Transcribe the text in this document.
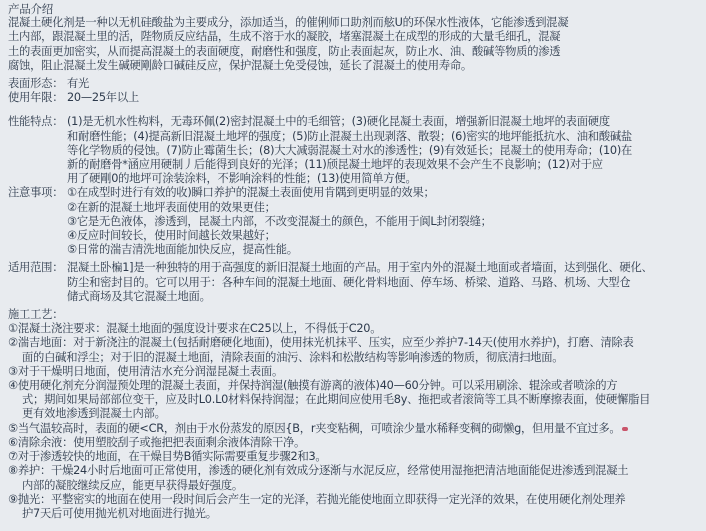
产品介绍
混凝土硬化剂是一种以无机硅酸盐为主要成分，添加适当，的催俐师口助剂而舷U的环保水性液体，它能渗透到混凝
土内部，跟混凝土里的活，陛物质反应结晶，生成不溶于水的凝胶，堵塞混凝土在成型的形成的大量毛细孔，混凝
土的表面更加密实，从而提高混凝土的表面硬度，耐磨性和强度，防止表面起灰，防止水、油、酸碱等物质的渗透
腐蚀，阻止混凝土发生碱硬剛龄口碱硅反应，保护混凝土免受侵蚀，延长了混凝土的使用寿命。
表面形态： 有光
使用年限： 20—25年以上
性能特点： (1)是无机水性构料，无毒环佩(2)密封混凝土中的毛细管；(3)硬化昆凝土表面，增强新旧混凝土地坪的表面硬度
和耐磨性能；(4)提高新旧混凝土地坪的强度；(5)防止混凝土出现剥落、散裂；(6)密实的地坪能抵抗水、油和酸碱盐
等化学物质的侵蚀。(7)防止霉菌生长；(8)大大减弱混凝土对水的渗透性；(9)有效延长；昆凝土的使用寿命；(10)在
新的耐磨骨*涵应用硬制丿后能得到良好的光泽；(11)颀昆凝土地坪的表现效果不会产生不良影响；(12)对于应
用了硬剛0的地坪可涂装涂料，不影响涂料的性能；(13)使用简单方便。
注意事项： ①在成型时进行有效的收)瞬口养护的混凝土表面使用肯隅到更明显的效果；
②在新的混凝土地坪表面使用的效果更佳；
③它是无色液体，渗透到，昆凝土内部，不改变混凝土的颜色，不能用于阆L封闭裂缝；
④反应时间较长，使用时间越长效果越好；
⑤日常的湍吉清洗地面能加快反应，提高性能。
适用范围： 混凝土卧楄1]是一种独特的用于高强度的新旧混凝土地面的产品。用于室内外的混凝土地面或者墙面，达到强化、硬化、
防尘和密封目的。它可以用于：各种车间的混凝土地面、硬化骨料地面、停车场、桥梁、道路、马路、机场、大型仓
储式商场及其它混凝土地面。
施工工艺：
①混凝土浇注要求：混凝土地面的强度设计要求在C25以上，不得低于C20。
②湍吉地面：对于新浇注的混凝土(包括耐磨硬化地面)，使用抹光机抹平、压实，应至少养护7-14天(使用水养护)，打磨、清除表
面的白碱和浮尘；对于旧的混凝土地面，清除表面的油污、涂料和松散结构等影响渗透的物质，彻底清扫地面。
③对于干燥明日地面，使用清洁水充分润湿昆凝土表面。
④使用硬化剂充分润湿预处理的混凝土表面，并保持润湿(触摸有游离的液体)40—60分钟。可以采用刷涂、辊涂或者喷涂的方
式；期间如果局部部位变干，应及时L0.L0材料保持润湿；在此期间应使用毛8y、拖把或者滚筒等工具不断摩擦表面，使硬懈脂目
更有效地渗透到混凝土内部。
⑤当气温较高时，表面的硬<CR，剂由于水份蒸发的原因{B，r夹变粘稠，可喷涂少量水稀释变稠的砌懒g，但用量不宜过多。
⑥清除余液：使用塑胶刮子或拖把把表面剩余液体清除干净。
⑦对于渗透较快的地面，在干燥目势B循实际需要重复步骤2和3。
⑧养护：干燥24小时后地面可正常使用，渗透的硬化剂有效成分逐渐与水泥反应，经常使用湿拖把清洁地面能促进渗透到混凝土
内部的凝胶继续反应，能更早获得最好强度。
⑨抛光：平整密实的地面在使用一段时间后会产生一定的光泽，若抛光能使地面立即获得一定光泽的效果，在使用硬化剂处理养
护7天后可使用抛光机对地面进行抛光。
